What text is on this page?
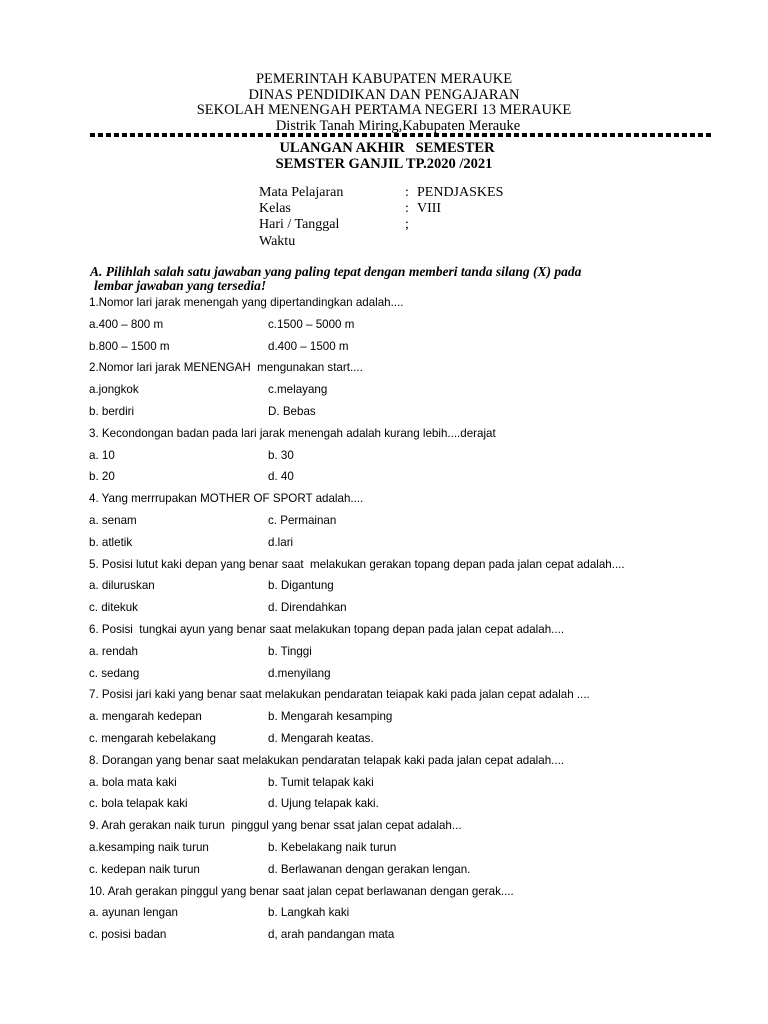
PEMERINTAH KABUPATEN MERAUKE
DINAS PENDIDIKAN DAN PENGAJARAN
SEKOLAH MENENGAH PERTAMA NEGERI 13 MERAUKE
Distrik Tanah Miring,Kabupaten Merauke
ULANGAN AKHIR   SEMESTER
SEMSTER GANJIL TP.2020 /2021
Mata Pelajaran	: PENDJASKES
Kelas	: VIII
Hari / Tanggal	;
Waktu
A. Pilihlah salah satu jawaban yang paling tepat dengan memberi tanda silang (X) pada
lembar jawaban yang tersedia!
1.Nomor lari jarak menengah yang dipertandingkan adalah....
a.400 – 800 m	c.1500 – 5000 m
b.800 – 1500 m	d.400 – 1500 m
2.Nomor lari jarak MENENGAH  mengunakan start....
a.jongkok	c.melayang
b. berdiri	D. Bebas
3. Kecondongan badan pada lari jarak menengah adalah kurang lebih....derajat
a. 10	b. 30
b. 20	d. 40
4. Yang merrrupakan MOTHER OF SPORT adalah....
a. senam	c. Permainan
b. atletik	d.lari
5. Posisi lutut kaki depan yang benar saat  melakukan gerakan topang depan pada jalan cepat adalah....
a. diluruskan	b. Digantung
c. ditekuk	d. Direndahkan
6. Posisi  tungkai ayun yang benar saat melakukan topang depan pada jalan cepat adalah....
a. rendah	b. Tinggi
c. sedang	d.menyilang
7. Posisi jari kaki yang benar saat melakukan pendaratan teiapak kaki pada jalan cepat adalah ....
a. mengarah kedepan	b. Mengarah kesamping
c. mengarah kebelakang	d. Mengarah keatas.
8. Dorangan yang benar saat melakukan pendaratan telapak kaki pada jalan cepat adalah....
a. bola mata kaki	b. Tumit telapak kaki
c. bola telapak kaki	d. Ujung telapak kaki.
9. Arah gerakan naik turun  pinggul yang benar ssat jalan cepat adalah...
a.kesamping naik turun	b. Kebelakang naik turun
c. kedepan naik turun	d. Berlawanan dengan gerakan lengan.
10. Arah gerakan pinggul yang benar saat jalan cepat berlawanan dengan gerak....
a. ayunan lengan	b. Langkah kaki
c. posisi badan	d, arah pandangan mata
